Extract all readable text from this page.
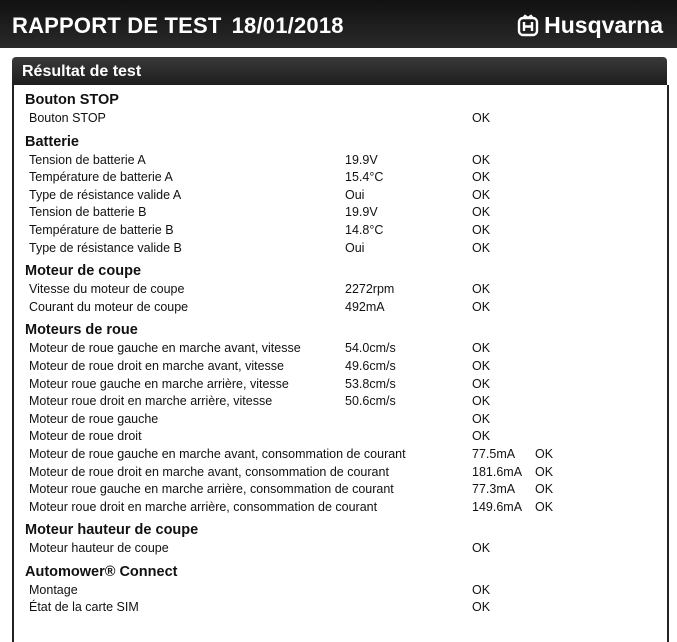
RAPPORT DE TEST 18/01/2018	Husqvarna
Résultat de test
Bouton STOP
Bouton STOP	OK
Batterie
Tension de batterie A	19.9V	OK
Température de batterie A	15.4°C	OK
Type de résistance valide A	Oui	OK
Tension de batterie B	19.9V	OK
Température de batterie B	14.8°C	OK
Type de résistance valide B	Oui	OK
Moteur de coupe
Vitesse du moteur de coupe	2272rpm	OK
Courant du moteur de coupe	492mA	OK
Moteurs de roue
Moteur de roue gauche en marche avant, vitesse	54.0cm/s	OK
Moteur de roue droit en marche avant, vitesse	49.6cm/s	OK
Moteur roue gauche en marche arrière, vitesse	53.8cm/s	OK
Moteur roue droit en marche arrière, vitesse	50.6cm/s	OK
Moteur de roue gauche	OK
Moteur de roue droit	OK
Moteur de roue gauche en marche avant, consommation de courant	77.5mA OK
Moteur de roue droit en marche avant, consommation de courant	181.6mA OK
Moteur roue gauche en marche arrière, consommation de courant	77.3mA OK
Moteur roue droit en marche arrière, consommation de courant	149.6mA OK
Moteur hauteur de coupe
Moteur hauteur de coupe	OK
Automower® Connect
Montage	OK
État de la carte SIM	OK
